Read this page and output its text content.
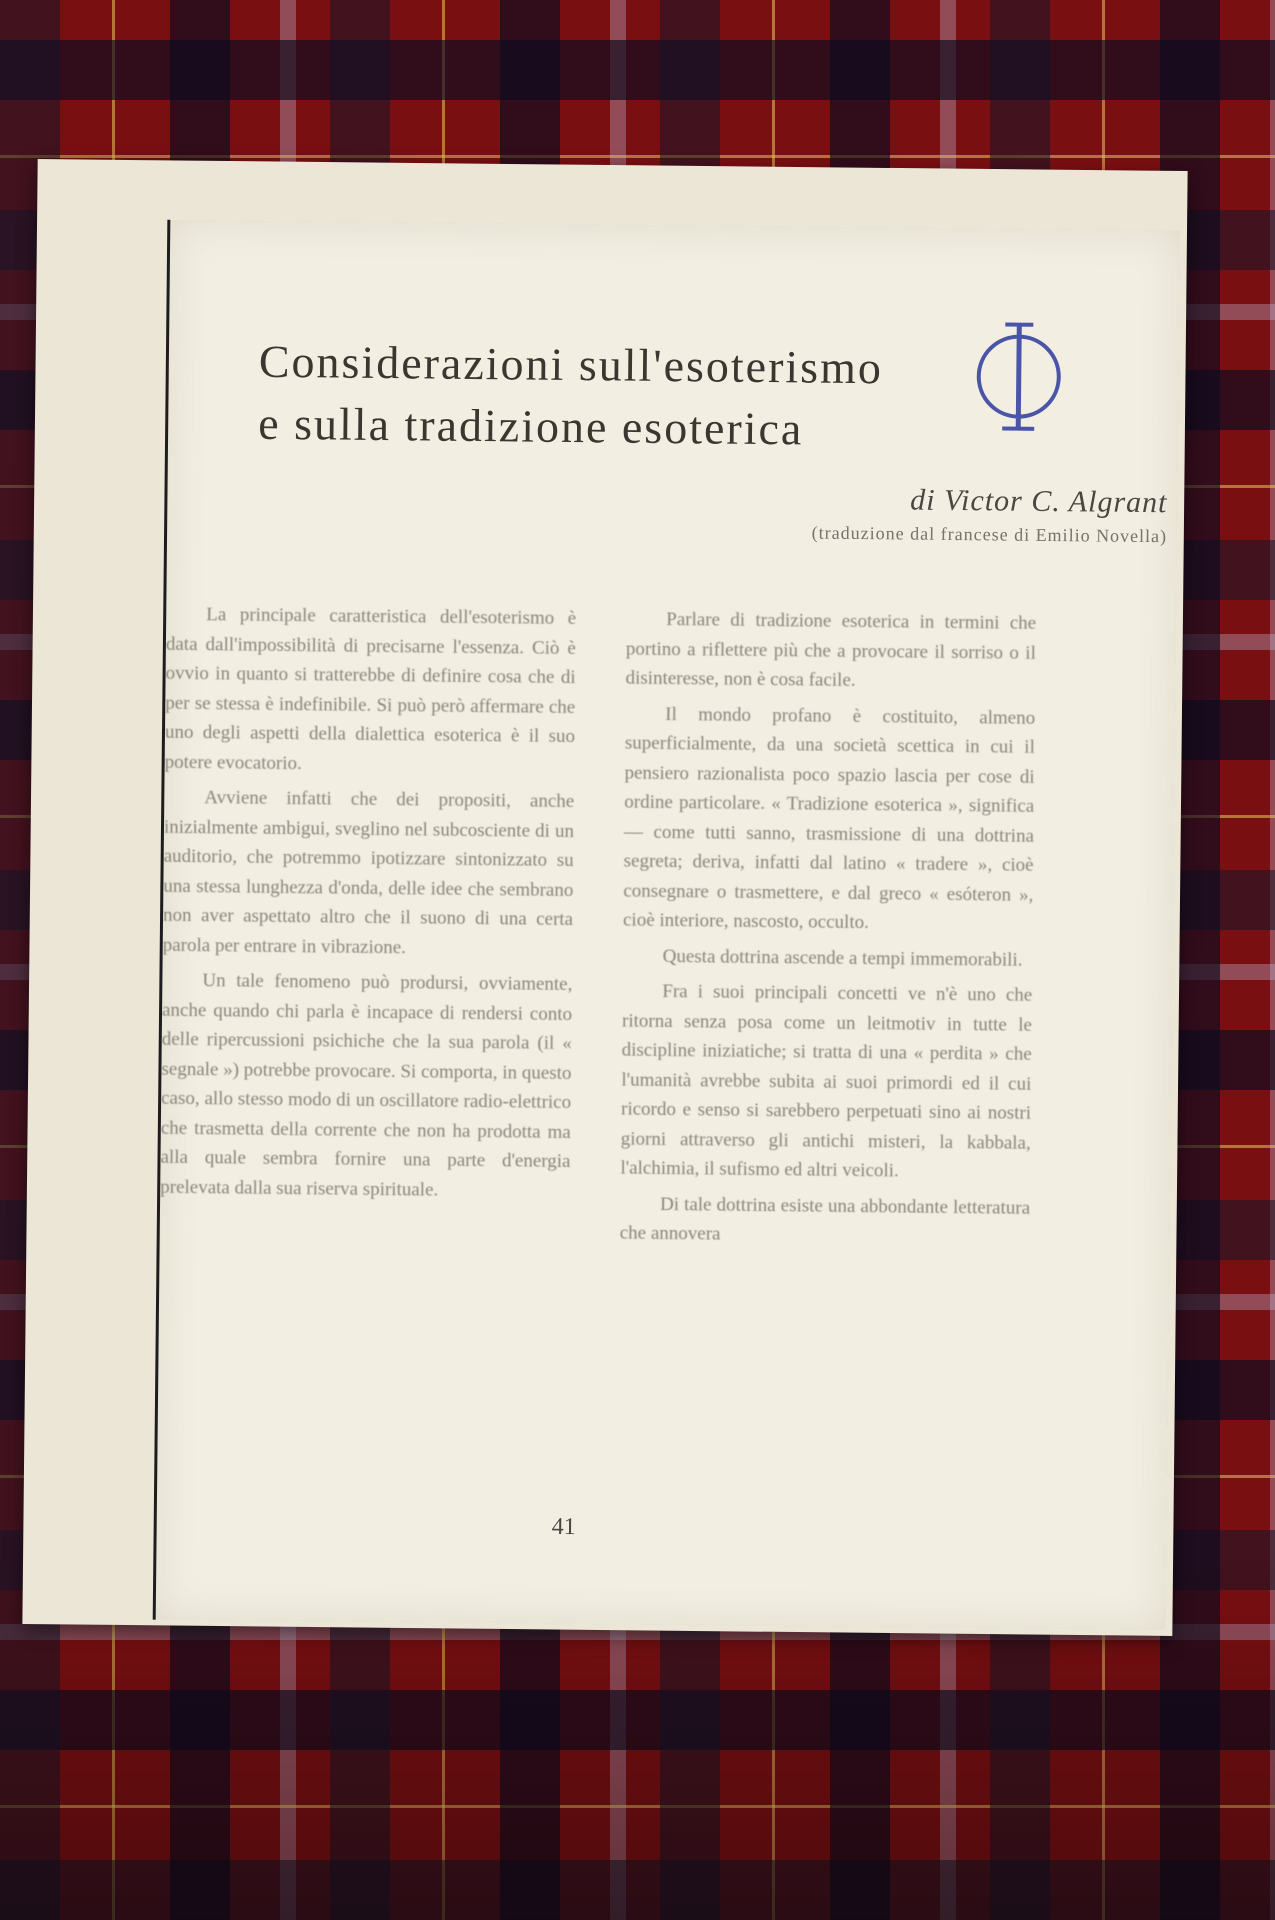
Considerazioni sull'esoterismo
e sulla tradizione esoterica

di Victor C. Algrant

(traduzione dal francese di Emilio Novella)

La principale caratteristica dell'esoterismo è data dall'impossibilità di precisarne l'essenza. Ciò è ovvio in quanto si tratterebbe di definire cosa che di per se stessa è indefinibile. Si può però affermare che uno degli aspetti della dialettica esoterica è il suo potere evocatorio.

Avviene infatti che dei propositi, anche inizialmente ambigui, sveglino nel subcosciente di un auditorio, che potremmo ipotizzare sintonizzato su una stessa lunghezza d'onda, delle idee che sembrano non aver aspettato altro che il suono di una certa parola per entrare in vibrazione.

Un tale fenomeno può prodursi, ovviamente, anche quando chi parla è incapace di rendersi conto delle ripercussioni psichiche che la sua parola (il « segnale ») potrebbe provocare. Si comporta, in questo caso, allo stesso modo di un oscillatore radio-elettrico che trasmetta della corrente che non ha prodotta ma alla quale sembra fornire una parte d'energia prelevata dalla sua riserva spirituale.

Parlare di tradizione esoterica in termini che portino a riflettere più che a provocare il sorriso o il disinteresse, non è cosa facile.

Il mondo profano è costituito, almeno superficialmente, da una società scettica in cui il pensiero razionalista poco spazio lascia per cose di ordine particolare. « Tradizione esoterica », significa — come tutti sanno, trasmissione di una dottrina segreta; deriva, infatti dal latino « tradere », cioè consegnare o trasmettere, e dal greco « esóteron », cioè interiore, nascosto, occulto.

Questa dottrina ascende a tempi immemorabili.

Fra i suoi principali concetti ve n'è uno che ritorna senza posa come un leitmotiv in tutte le discipline iniziatiche; si tratta di una « perdita » che l'umanità avrebbe subita ai suoi primordi ed il cui ricordo e senso si sarebbero perpetuati sino ai nostri giorni attraverso gli antichi misteri, la kabbala, l'alchimia, il sufismo ed altri veicoli.

Di tale dottrina esiste una abbondante letteratura che annovera

41
